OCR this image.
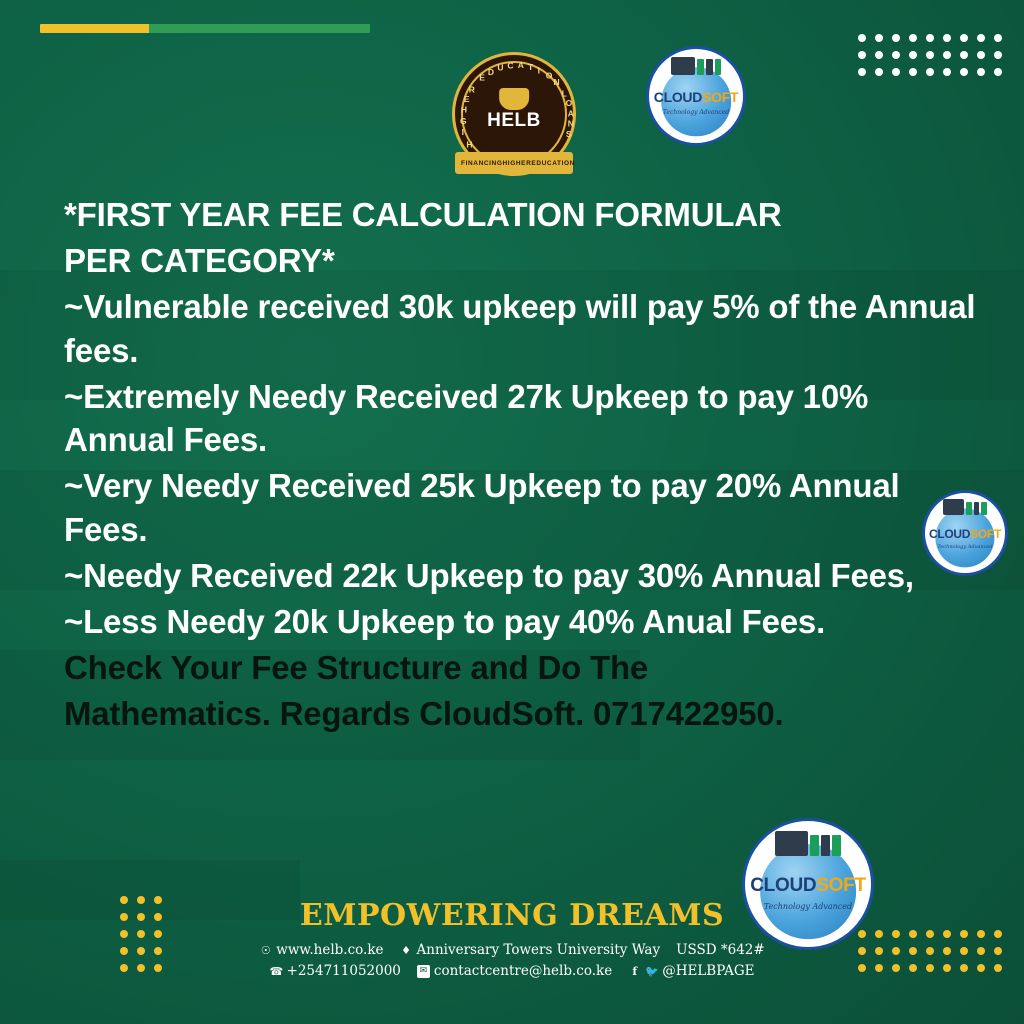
H
I
G
H
E
R
E
D U C A T I O
N
L
O
A
N
S
HELB
FINANCING HIGHER EDUCATION
CLOUDSOFT
Technology Advanced
CLOUDSOFT
Technology Advanced
CLOUDSOFT
Technology Advanced

*FIRST YEAR FEE CALCULATION FORMULAR

PER CATEGORY*

~Vulnerable received 30k upkeep will pay 5% of the Annual fees.

~Extremely Needy Received 27k Upkeep to pay 10% Annual Fees.

~Very Needy Received 25k Upkeep to pay 20% Annual Fees.

~Needy Received 22k Upkeep to pay 30% Annual Fees,

~Less Needy 20k Upkeep to pay 40% Anual Fees.

Check Your Fee Structure and Do The

Mathematics. Regards CloudSoft. 0717422950.

EMPOWERING DREAMS
☉ www.helb.co.ke ♦ Anniversary Towers University Way USSD *642#
☎ +254711052000	✉ contactcentre@helb.co.ke	f 🐦 @HELBPAGE
